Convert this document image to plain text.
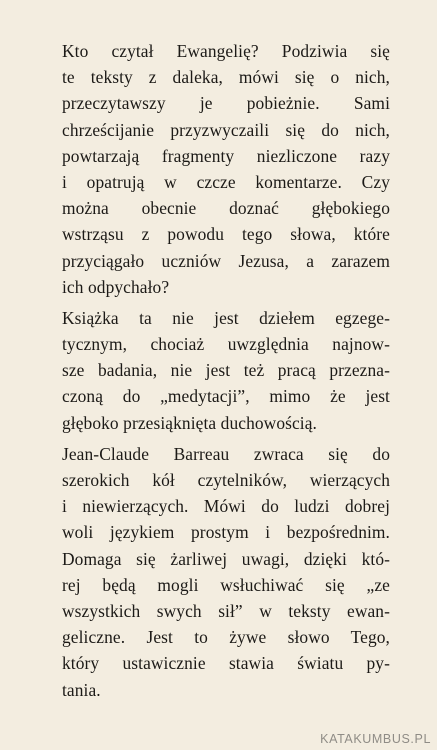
Kto czytał Ewangelię? Podziwia się
te teksty z daleka, mówi się o nich,
przeczytawszy je pobieżnie. Sami
chrześcijanie przyzwyczaili się do nich,
powtarzają fragmenty niezliczone razy
i opatrują w czcze komentarze. Czy
można obecnie doznać głębokiego
wstrząsu z powodu tego słowa, które
przyciągało uczniów Jezusa, a zarazem
ich odpychało?
Książka ta nie jest dziełem egzege-
tycznym, chociaż uwzględnia najnow-
sze badania, nie jest też pracą przezna-
czoną do „medytacji”, mimo że jest
głęboko przesiąknięta duchowością.
Jean-Claude Barreau zwraca się do
szerokich kół czytelników, wierzących
i niewierzących. Mówi do ludzi dobrej
woli językiem prostym i bezpośrednim.
Domaga się żarliwej uwagi, dzięki któ-
rej będą mogli wsłuchiwać się „ze
wszystkich swych sił” w teksty ewan-
geliczne. Jest to żywe słowo Tego,
który ustawicznie stawia światu py-
tania.
KATAKUMBUS.PL
